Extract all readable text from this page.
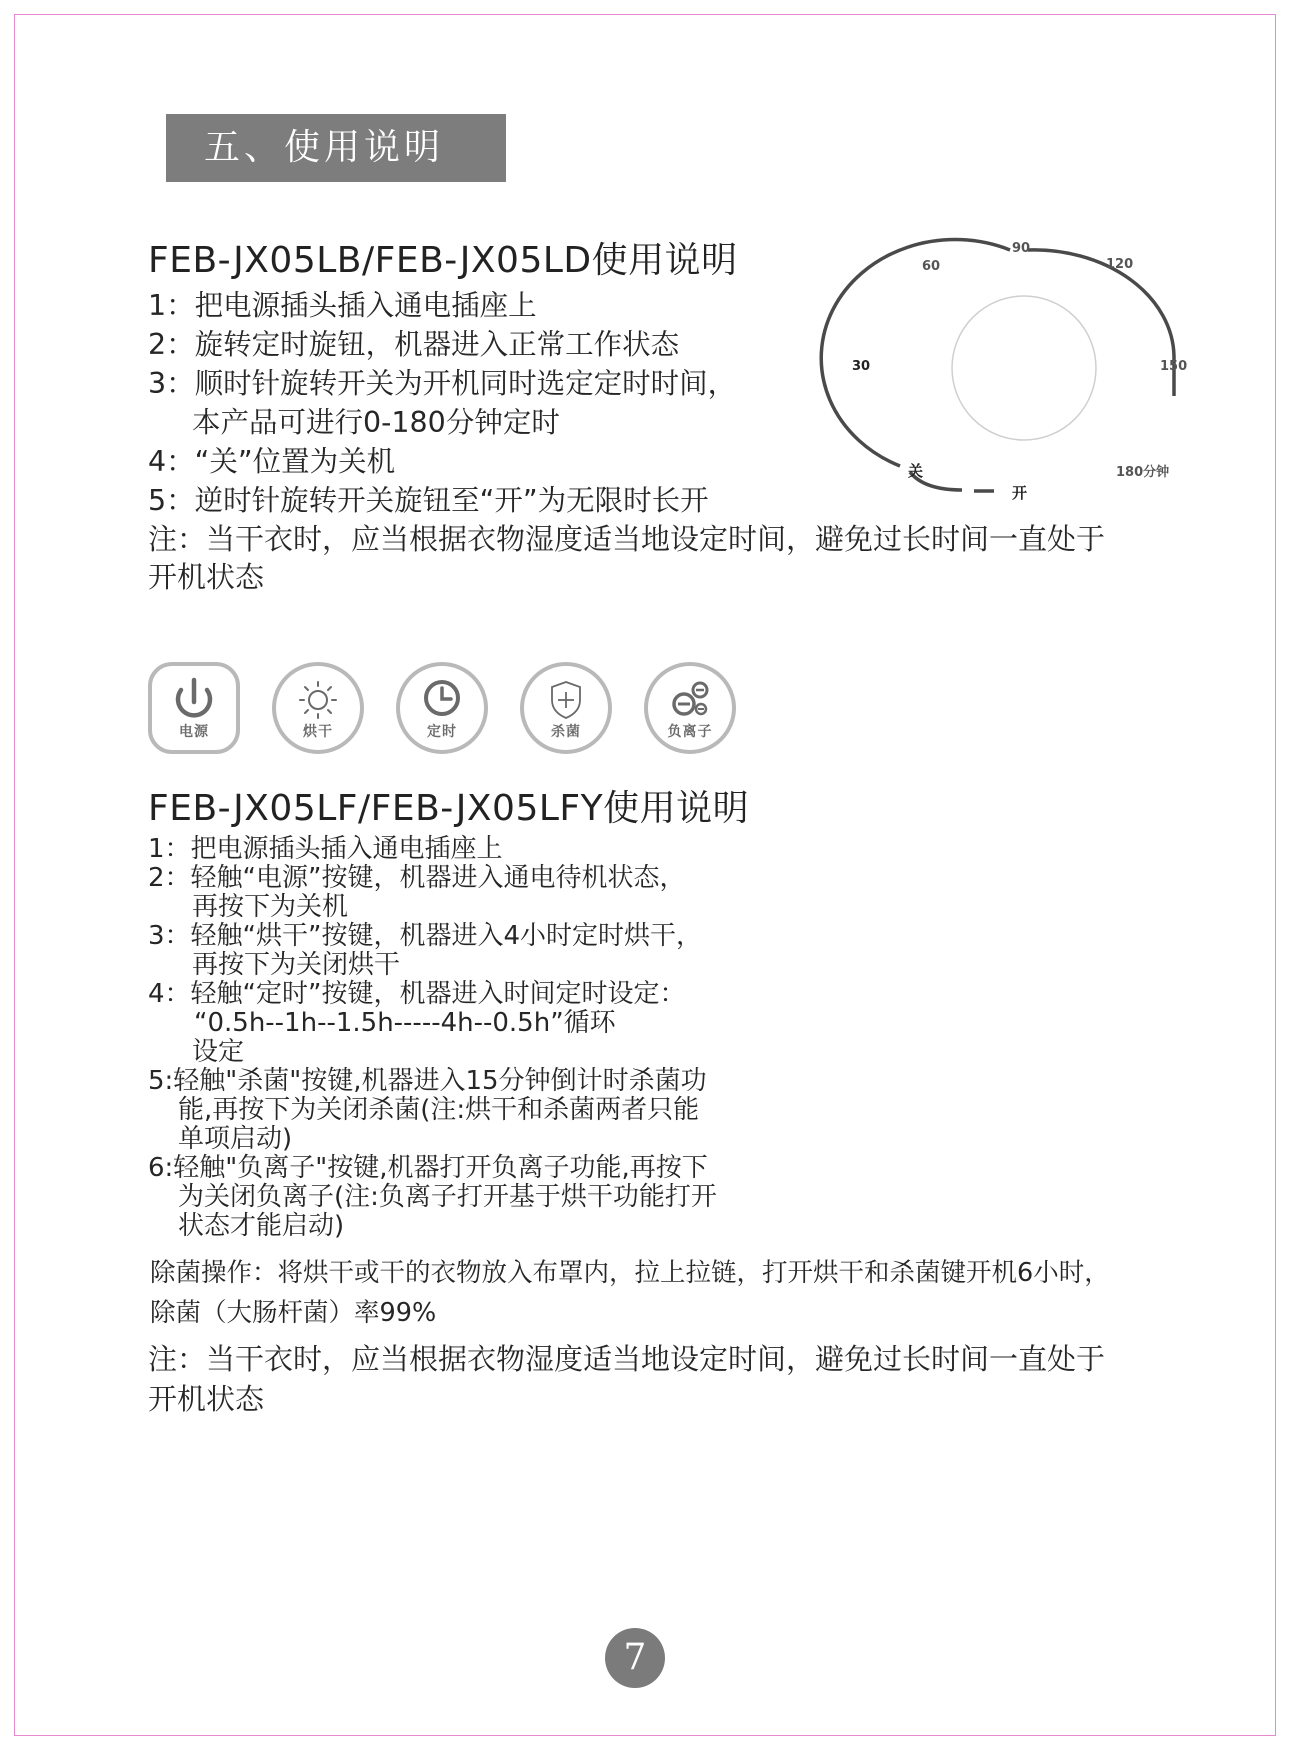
五、使用说明
FEB-JX05LB/FEB-JX05LD使用说明
1：把电源插头插入通电插座上
2：旋转定时旋钮，机器进入正常工作状态
3：顺时针旋转开关为开机同时选定定时时间，
本产品可进行0-180分钟定时
4：“关”位置为关机
5：逆时针旋转开关旋钮至“开”为无限时长开
注：当干衣时，应当根据衣物湿度适当地设定时间，避免过长时间一直处于
开机状态
60
90
120
30	150
关
开
180分钟
电源	烘干	定时	杀菌	负离子
FEB-JX05LF/FEB-JX05LFY使用说明
1：把电源插头插入通电插座上
2：轻触“电源”按键，机器进入通电待机状态，
再按下为关机
3：轻触“烘干”按键，机器进入4小时定时烘干，
再按下为关闭烘干
4：轻触“定时”按键，机器进入时间定时设定：
“0.5h--1h--1.5h-----4h--0.5h”循环
设定
5:轻触"杀菌"按键,机器进入15分钟倒计时杀菌功
能,再按下为关闭杀菌(注:烘干和杀菌两者只能
单项启动)
6:轻触"负离子"按键,机器打开负离子功能,再按下
为关闭负离子(注:负离子打开基于烘干功能打开
状态才能启动)
除菌操作：将烘干或干的衣物放入布罩内，拉上拉链，打开烘干和杀菌键开机6小时，
除菌（大肠杆菌）率99%
注：当干衣时，应当根据衣物湿度适当地设定时间，避免过长时间一直处于
开机状态
7
